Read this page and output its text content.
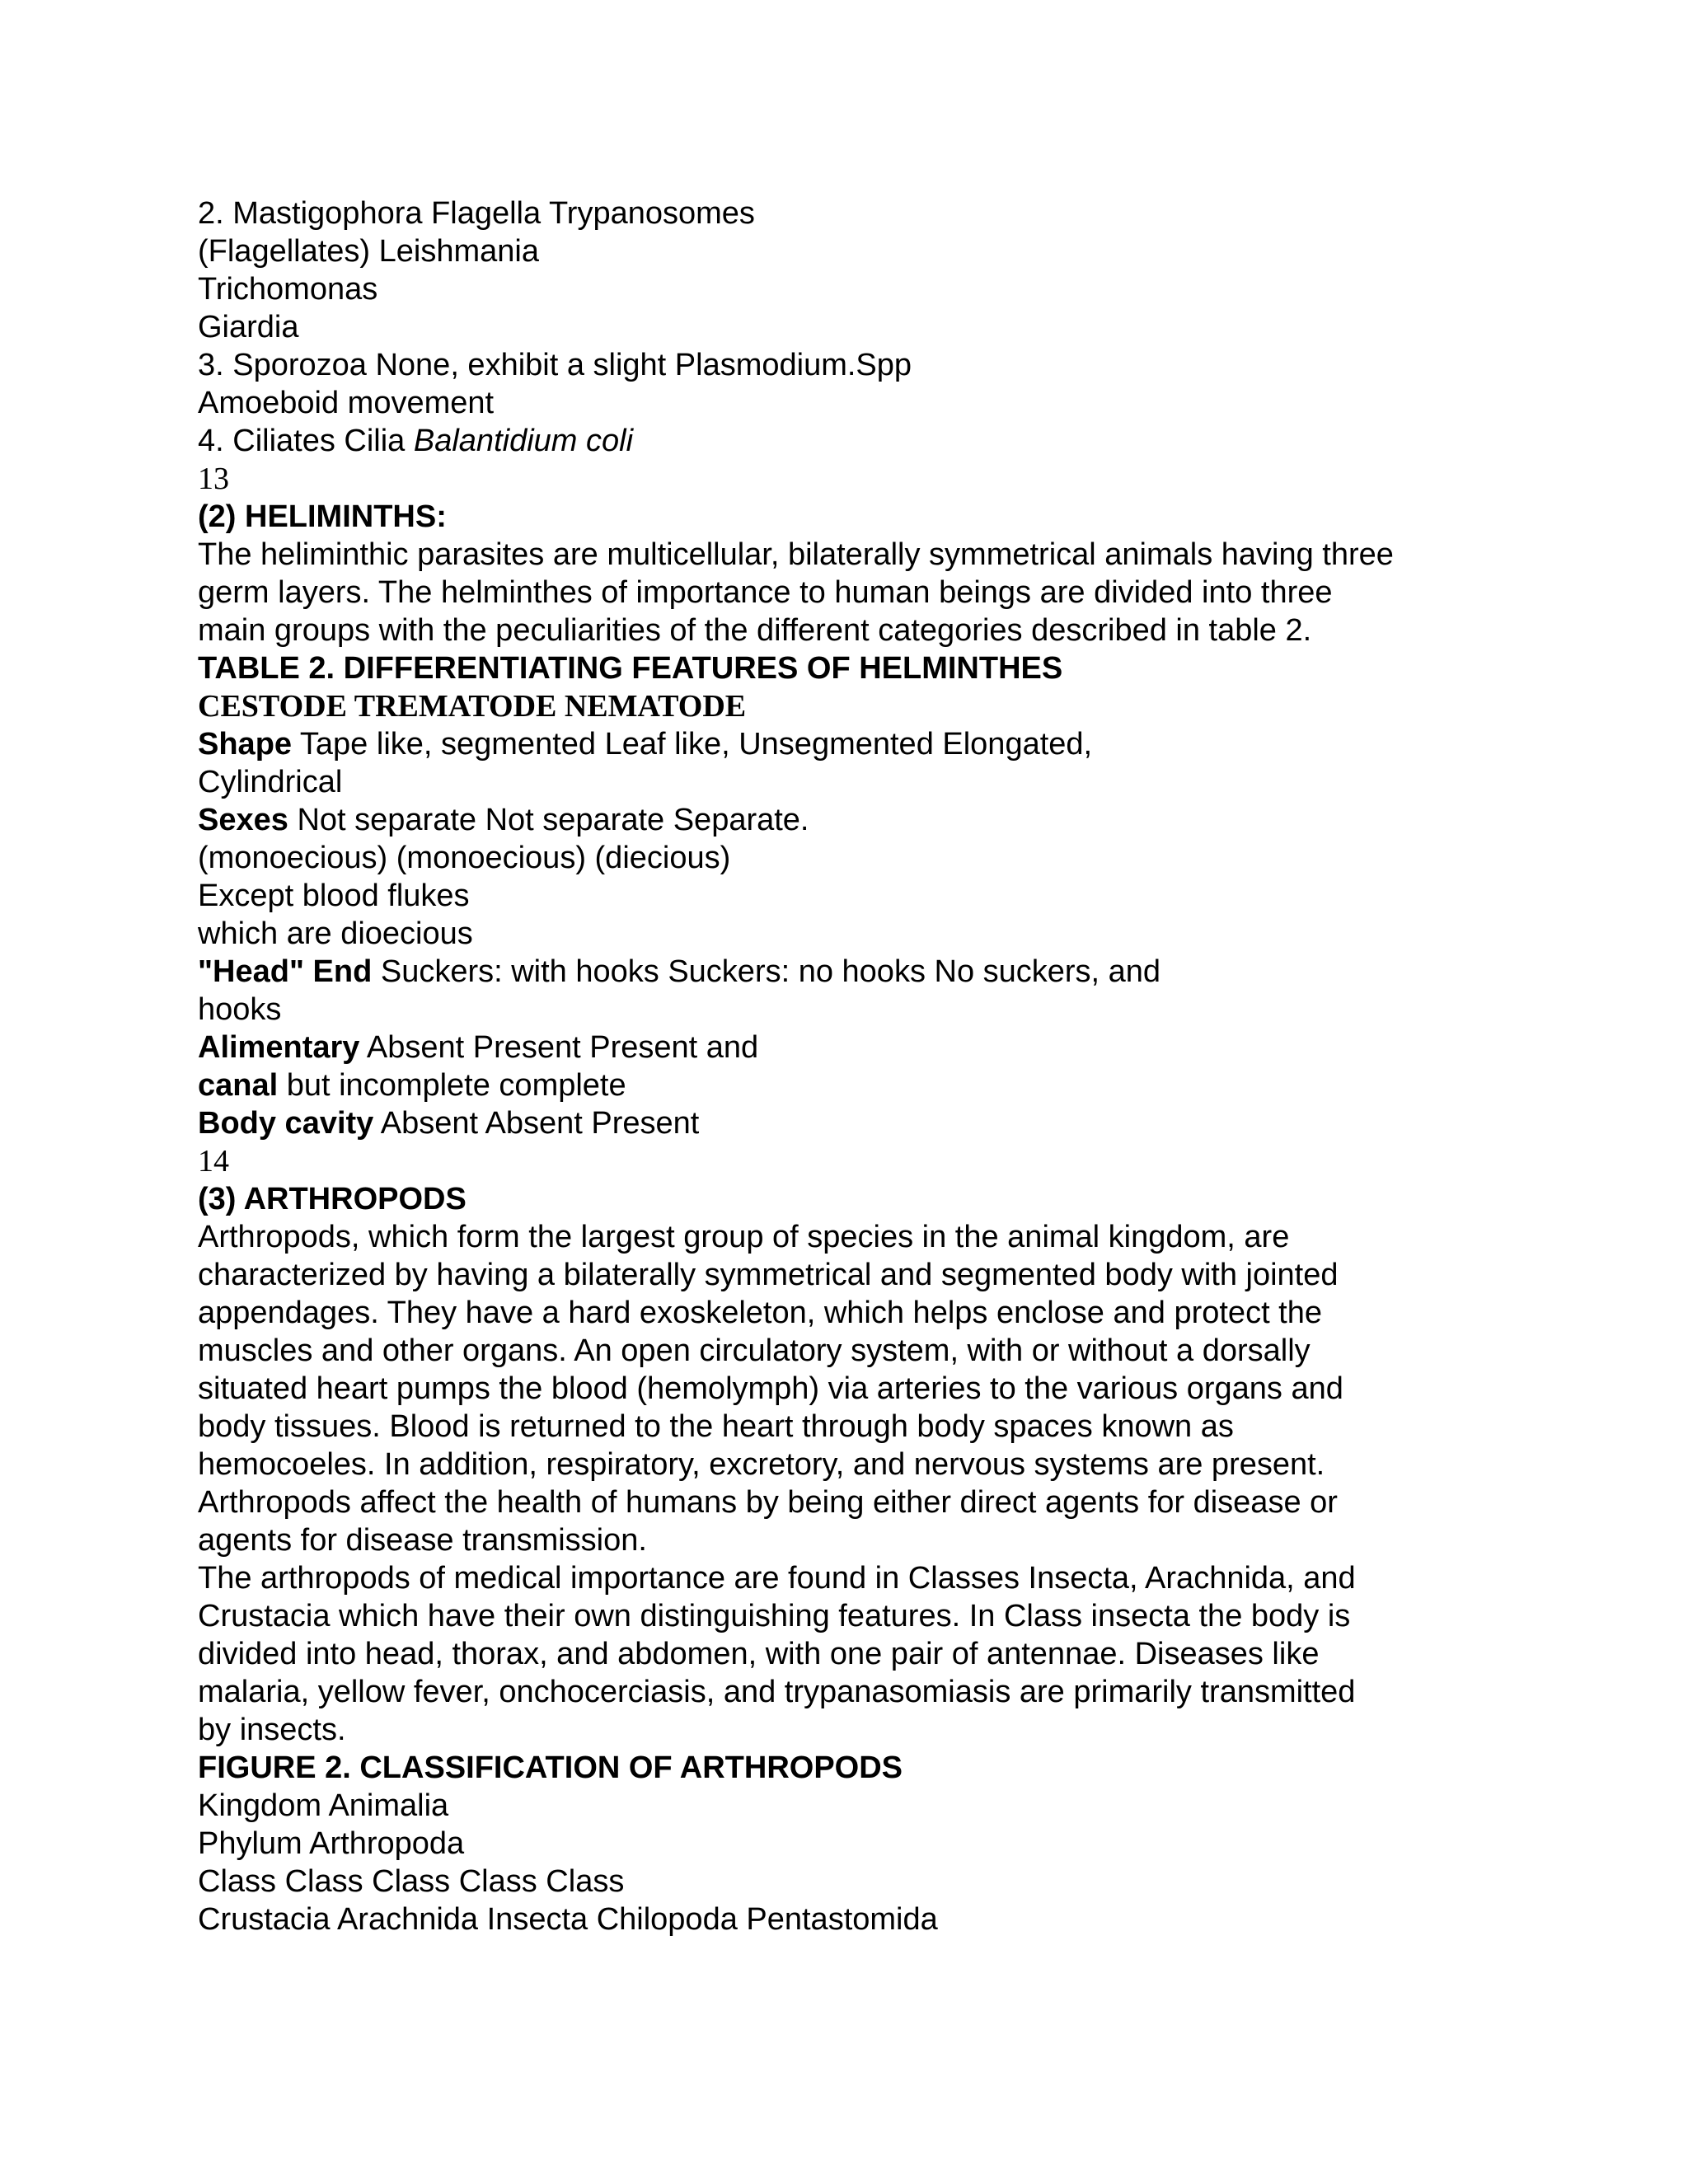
2. Mastigophora Flagella Trypanosomes
(Flagellates) Leishmania
Trichomonas
Giardia
3. Sporozoa None, exhibit a slight Plasmodium.Spp
Amoeboid movement
4. Ciliates Cilia Balantidium coli
13
(2) HELIMINTHS:
The heliminthic parasites are multicellular, bilaterally symmetrical animals having three
germ layers. The helminthes of importance to human beings are divided into three
main groups with the peculiarities of the different categories described in table 2.
TABLE 2. DIFFERENTIATING FEATURES OF HELMINTHES
CESTODE TREMATODE NEMATODE
Shape Tape like, segmented Leaf like, Unsegmented Elongated,
Cylindrical
Sexes Not separate Not separate Separate.
(monoecious) (monoecious) (diecious)
Except blood flukes
which are dioecious
"Head" End Suckers: with hooks Suckers: no hooks No suckers, and
hooks
Alimentary Absent Present Present and
canal but incomplete complete
Body cavity Absent Absent Present
14
(3) ARTHROPODS
Arthropods, which form the largest group of species in the animal kingdom, are
characterized by having a bilaterally symmetrical and segmented body with jointed
appendages. They have a hard exoskeleton, which helps enclose and protect the
muscles and other organs. An open circulatory system, with or without a dorsally
situated heart pumps the blood (hemolymph) via arteries to the various organs and
body tissues. Blood is returned to the heart through body spaces known as
hemocoeles. In addition, respiratory, excretory, and nervous systems are present.
Arthropods affect the health of humans by being either direct agents for disease or
agents for disease transmission.
The arthropods of medical importance are found in Classes Insecta, Arachnida, and
Crustacia which have their own distinguishing features. In Class insecta the body is
divided into head, thorax, and abdomen, with one pair of antennae. Diseases like
malaria, yellow fever, onchocerciasis, and trypanasomiasis are primarily transmitted
by insects.
FIGURE 2. CLASSIFICATION OF ARTHROPODS
Kingdom Animalia
Phylum Arthropoda
Class Class Class Class Class
Crustacia Arachnida Insecta Chilopoda Pentastomida
